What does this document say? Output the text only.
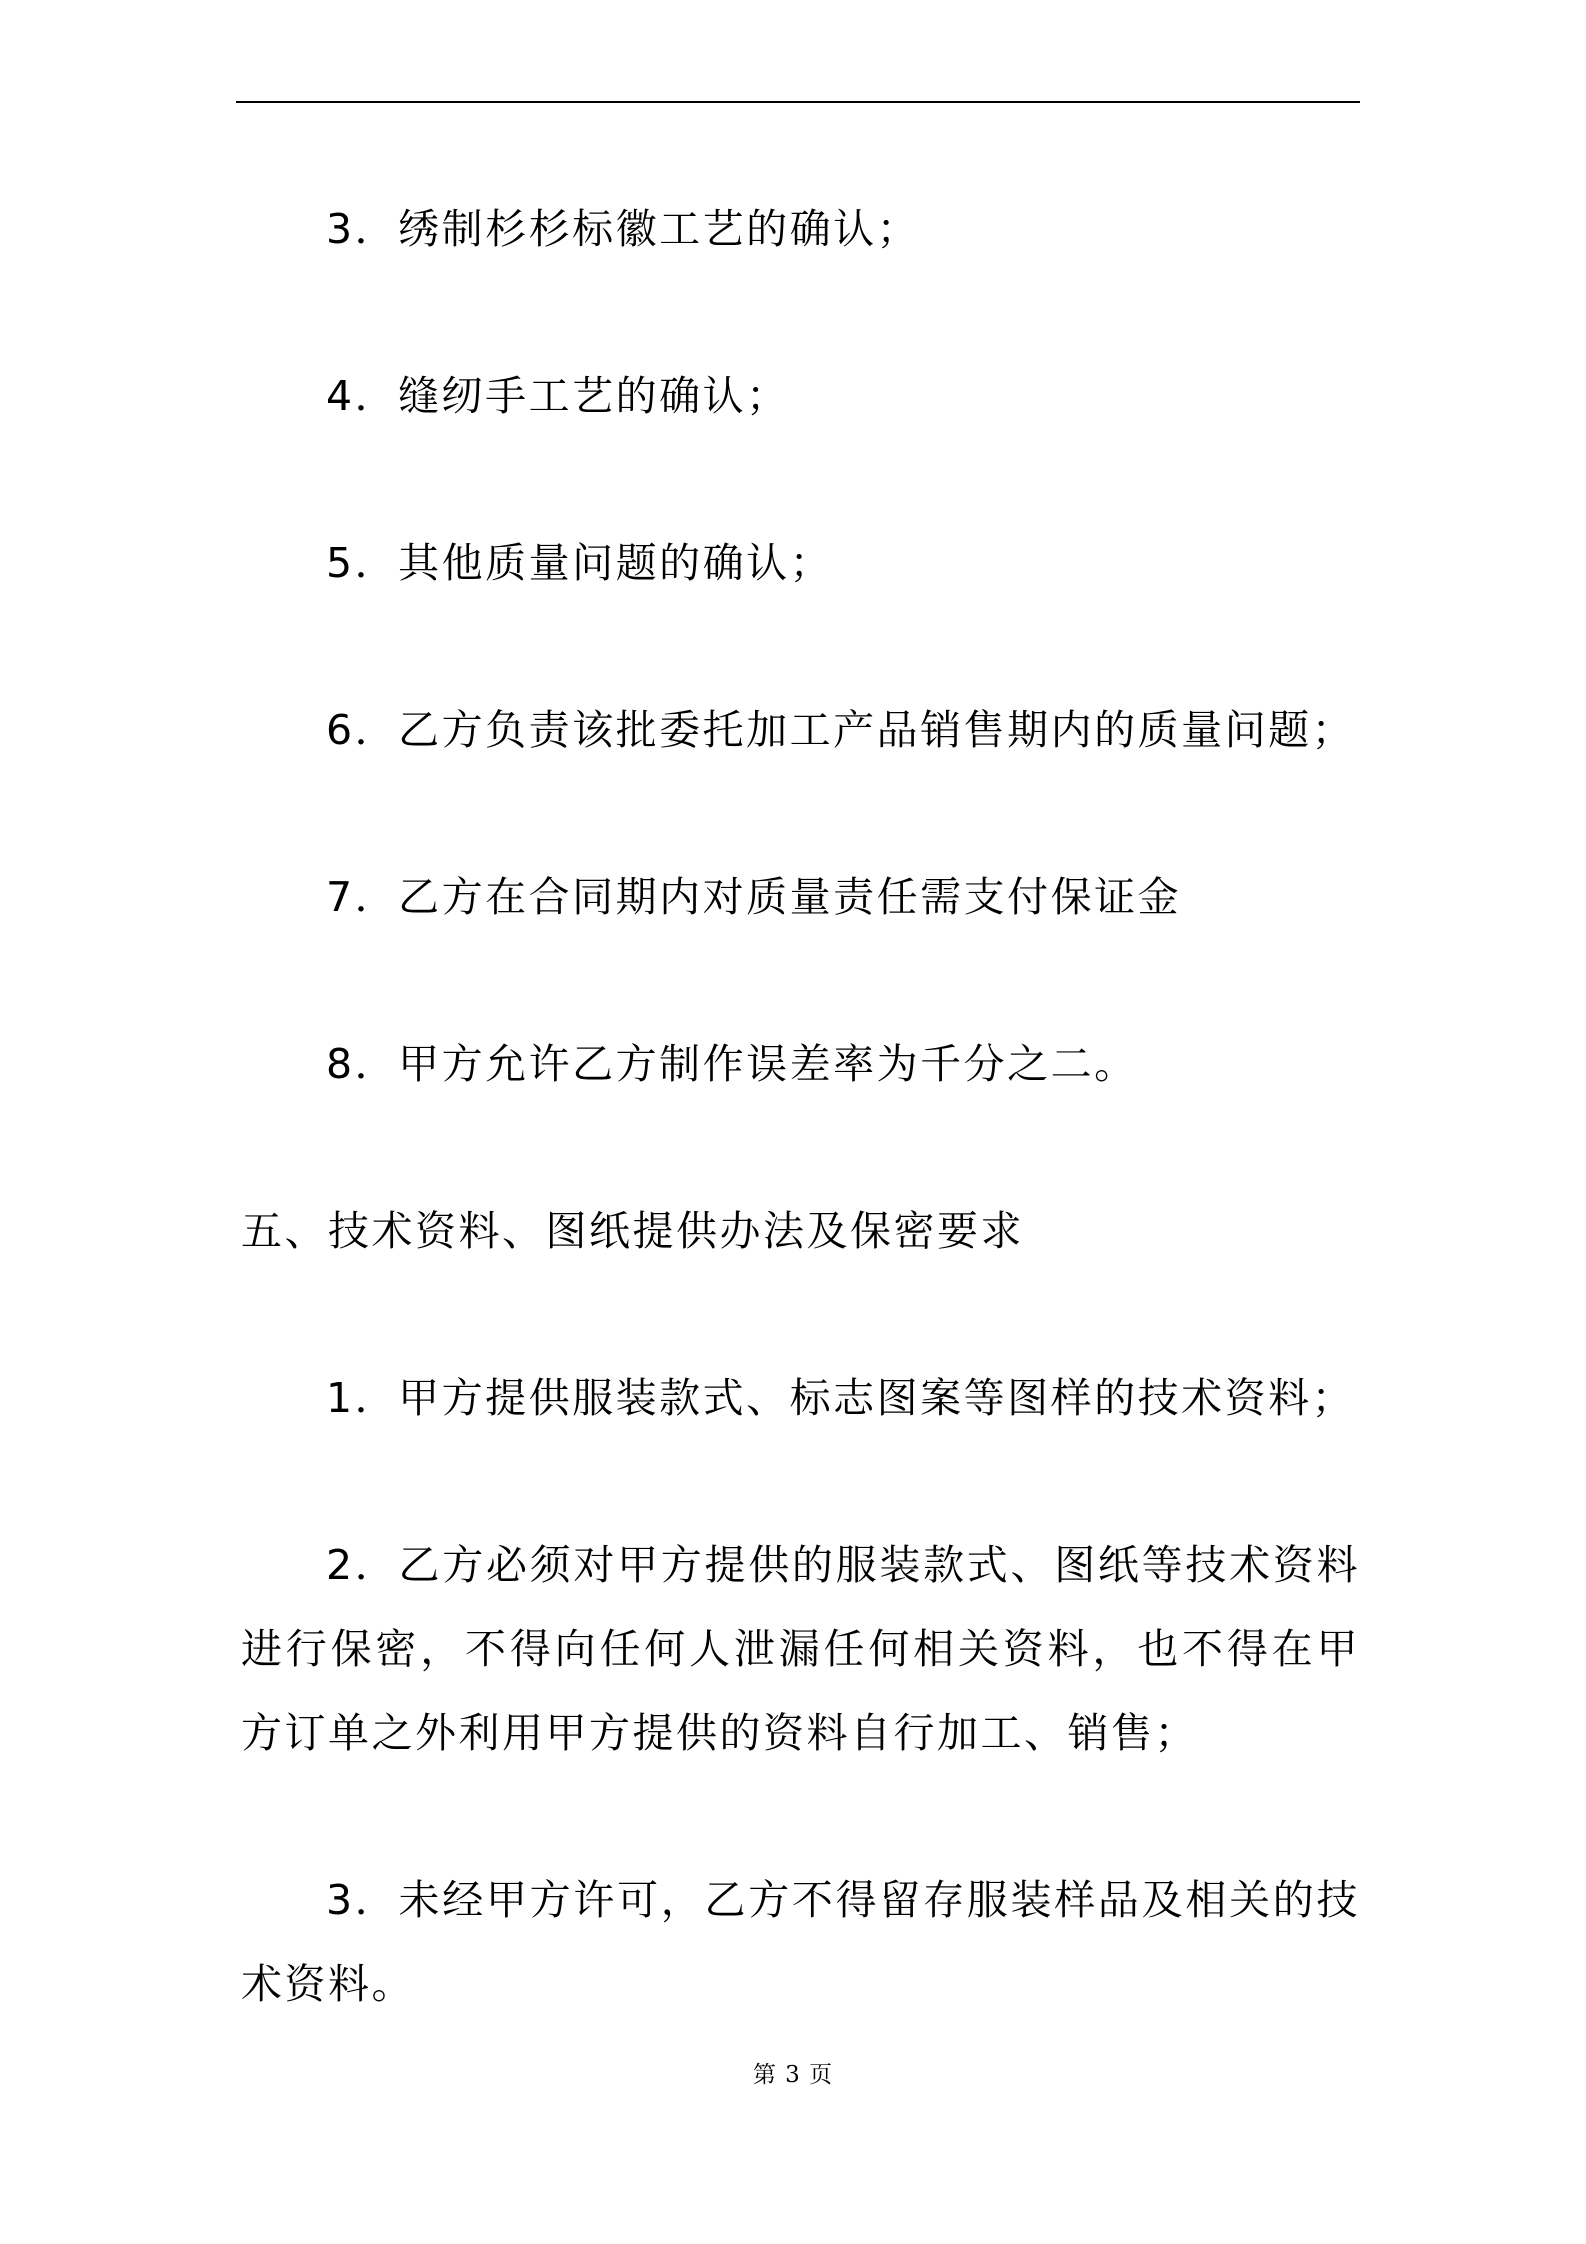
3．绣制杉杉标徽工艺的确认；

4．缝纫手工艺的确认；

5．其他质量问题的确认；

6．乙方负责该批委托加工产品销售期内的质量问题；

7．乙方在合同期内对质量责任需支付保证金

8．甲方允许乙方制作误差率为千分之二。

五、技术资料、图纸提供办法及保密要求

1．甲方提供服装款式、标志图案等图样的技术资料；

2．乙方必须对甲方提供的服装款式、图纸等技术资料进行保密，不得向任何人泄漏任何相关资料，也不得在甲方订单之外利用甲方提供的资料自行加工、销售；

3．未经甲方许可，乙方不得留存服装样品及相关的技术资料。

第 3 页
